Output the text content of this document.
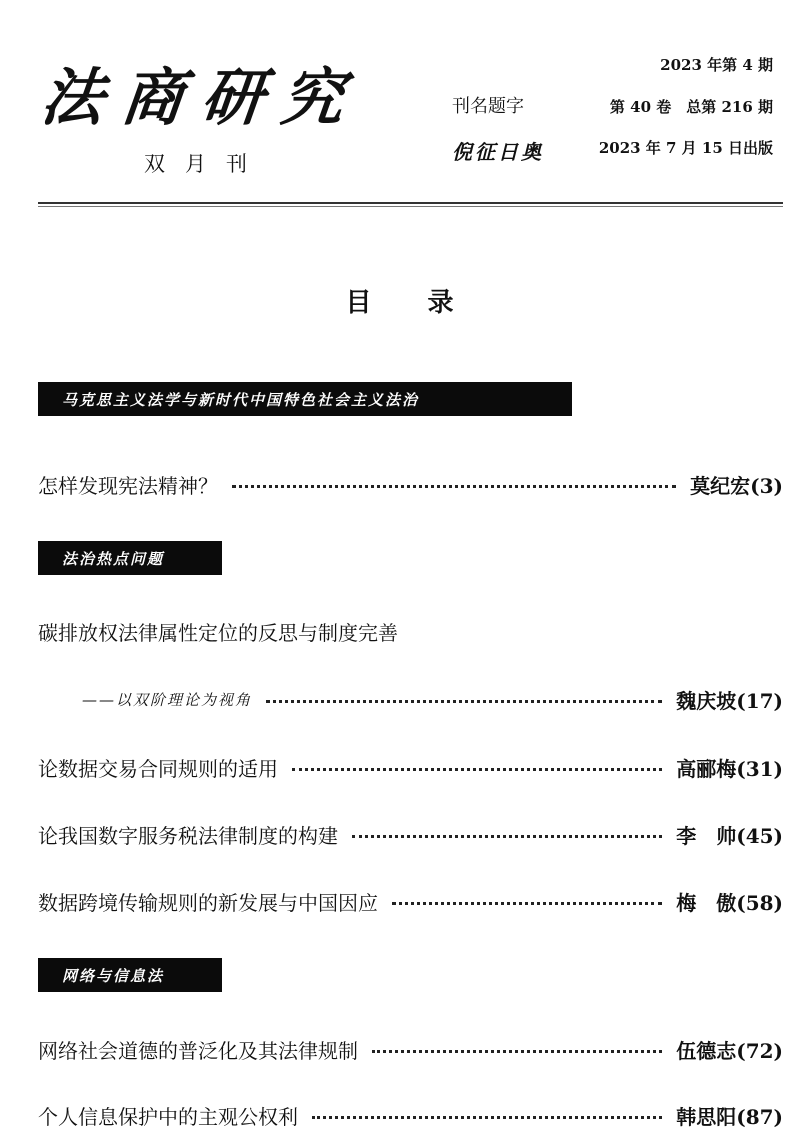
法商研究
双月刊
刊名题字
倪征日奥
2023 年第 4 期
第 40 卷　总第 216 期
2023 年 7 月 15 日出版
目 录
马克思主义法学与新时代中国特色社会主义法治
怎样发现宪法精神？	莫纪宏(3)
法治热点问题
碳排放权法律属性定位的反思与制度完善
——以双阶理论为视角	魏庆坡(17)
论数据交易合同规则的适用	高郦梅(31)
论我国数字服务税法律制度的构建	李　帅(45)
数据跨境传输规则的新发展与中国因应	梅　傲(58)
网络与信息法
网络社会道德的普泛化及其法律规制	伍德志(72)
个人信息保护中的主观公权利	韩思阳(87)
